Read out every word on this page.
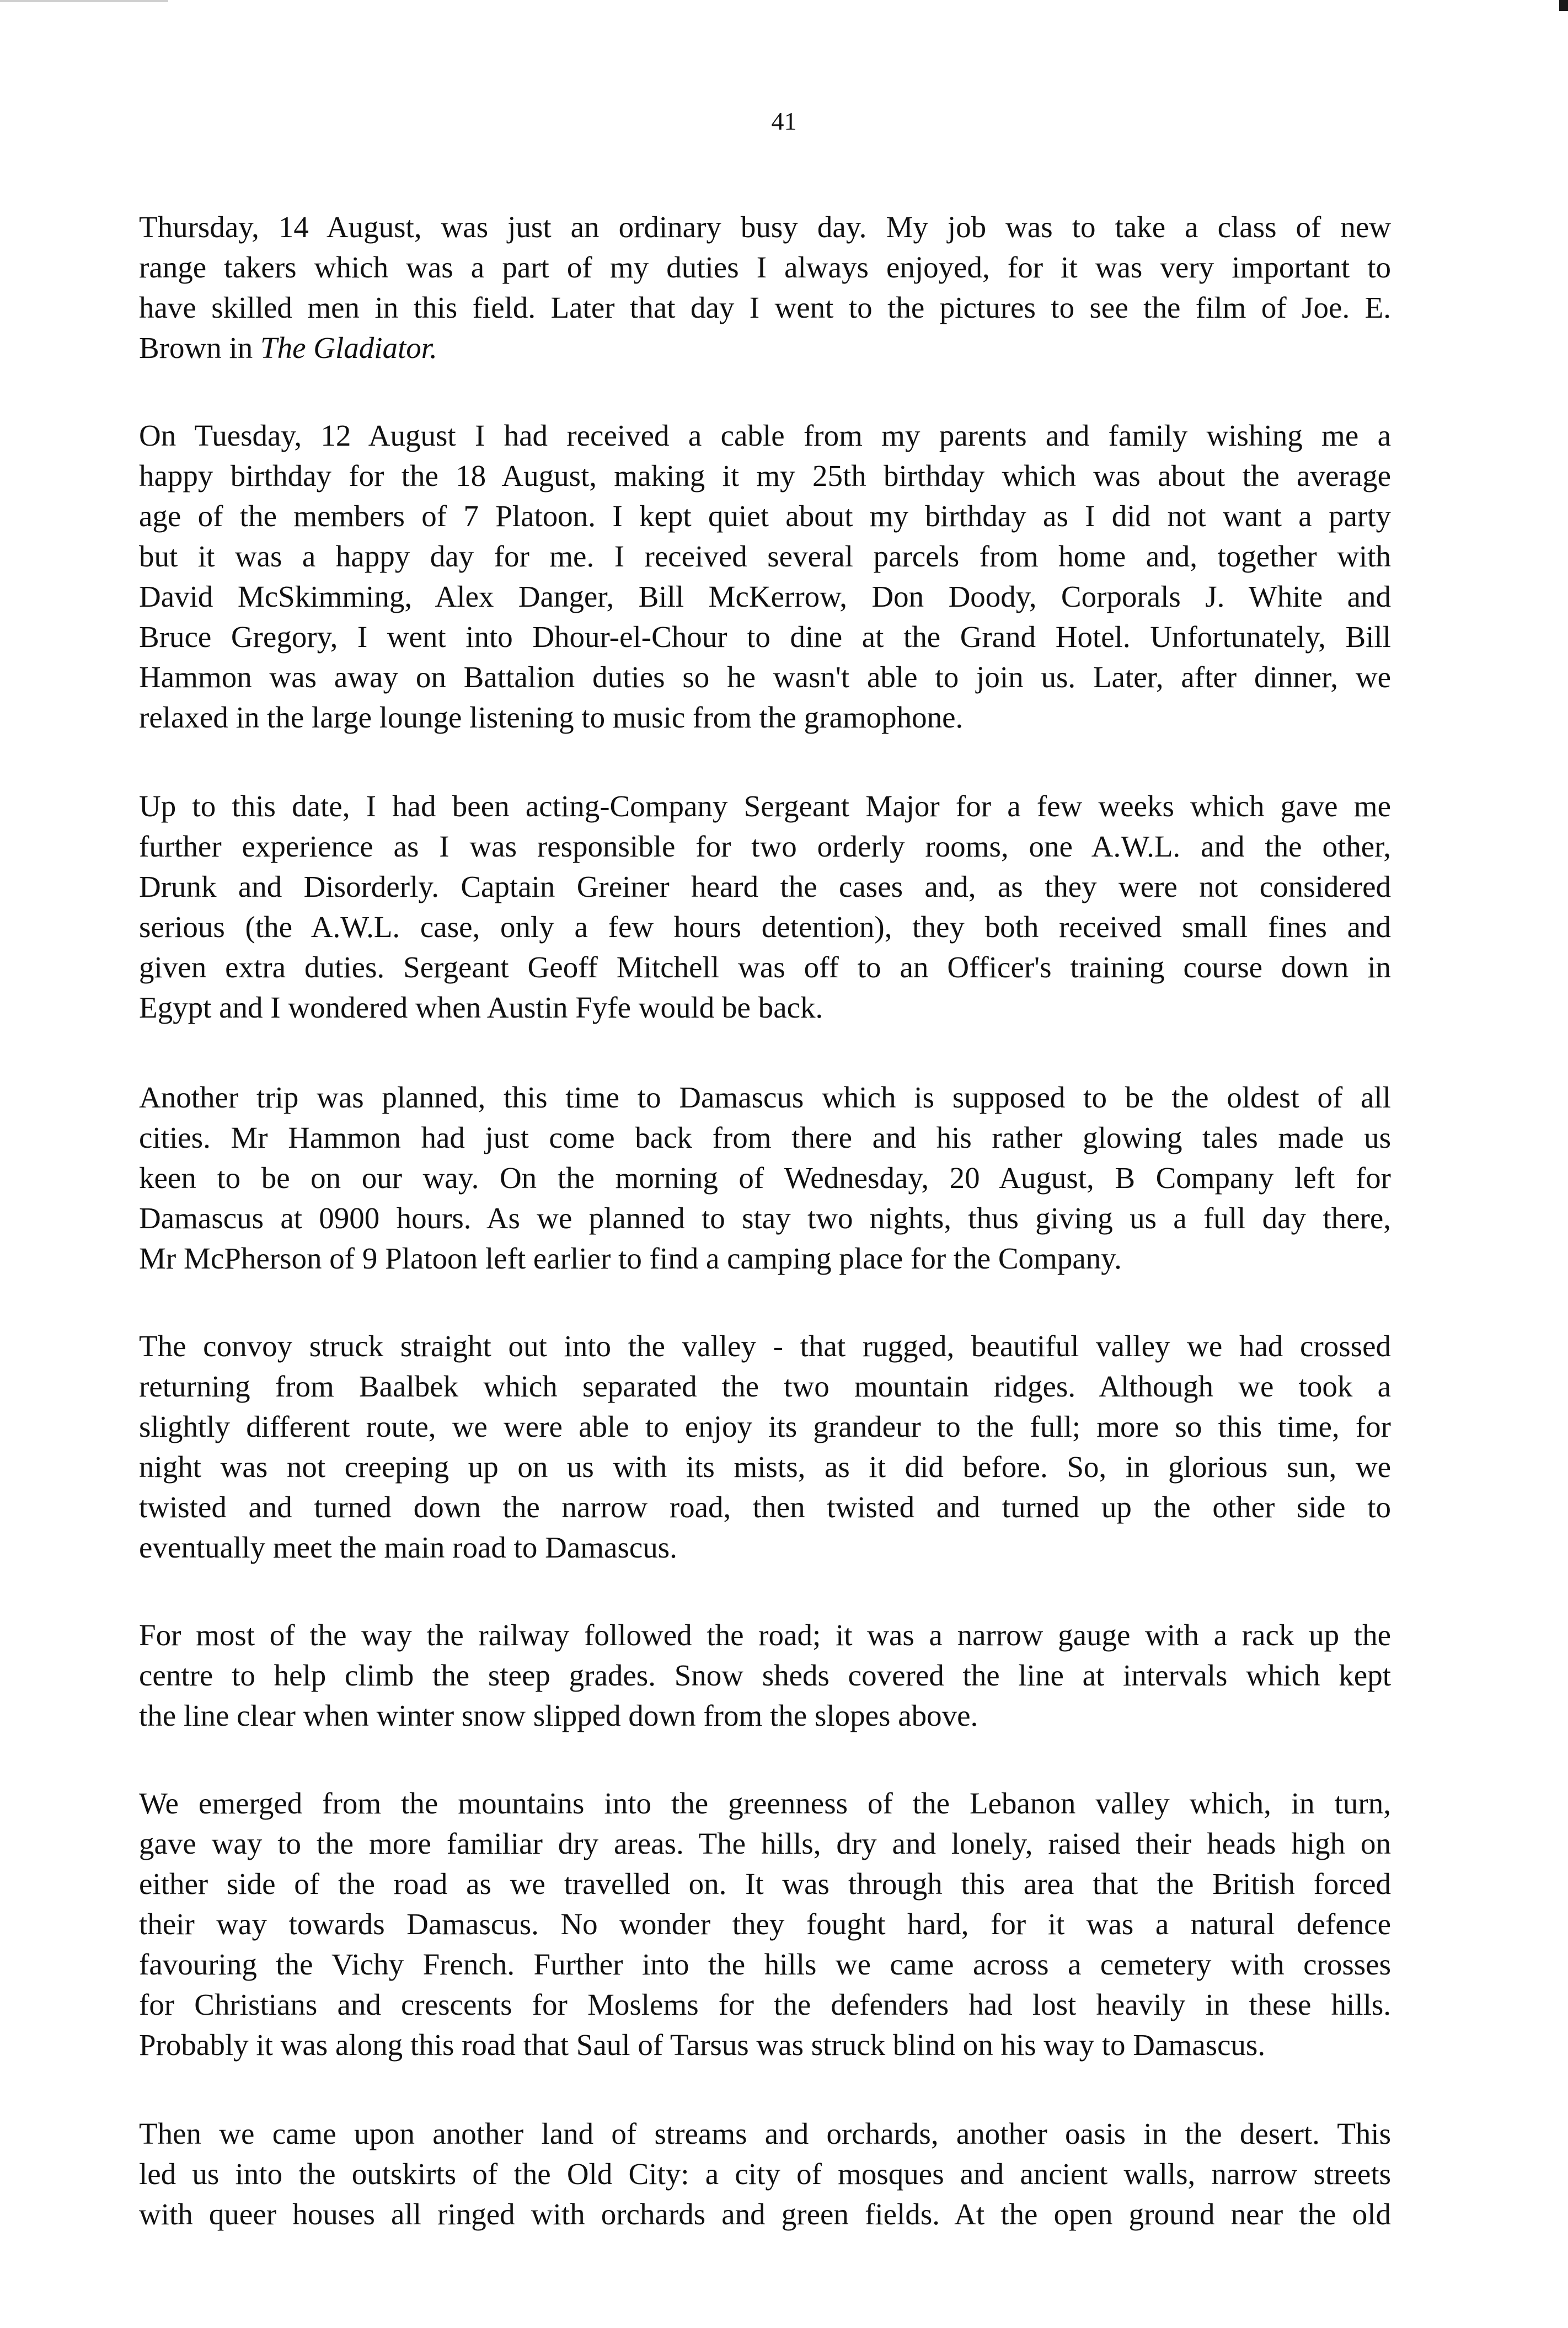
41

Thursday, 14 August, was just an ordinary busy day. My job was to take a class of new
range takers which was a part of my duties I always enjoyed, for it was very important to
have skilled men in this field. Later that day I went to the pictures to see the film of Joe. E.
Brown in The Gladiator.

On Tuesday, 12 August I had received a cable from my parents and family wishing me a
happy birthday for the 18 August, making it my 25th birthday which was about the average
age of the members of 7 Platoon. I kept quiet about my birthday as I did not want a party
but it was a happy day for me. I received several parcels from home and, together with
David McSkimming, Alex Danger, Bill McKerrow, Don Doody, Corporals J. White and
Bruce Gregory, I went into Dhour-el-Chour to dine at the Grand Hotel. Unfortunately, Bill
Hammon was away on Battalion duties so he wasn't able to join us. Later, after dinner, we
relaxed in the large lounge listening to music from the gramophone.

Up to this date, I had been acting-Company Sergeant Major for a few weeks which gave me
further experience as I was responsible for two orderly rooms, one A.W.L. and the other,
Drunk and Disorderly. Captain Greiner heard the cases and, as they were not considered
serious (the A.W.L. case, only a few hours detention), they both received small fines and
given extra duties. Sergeant Geoff Mitchell was off to an Officer's training course down in
Egypt and I wondered when Austin Fyfe would be back.

Another trip was planned, this time to Damascus which is supposed to be the oldest of all
cities. Mr Hammon had just come back from there and his rather glowing tales made us
keen to be on our way. On the morning of Wednesday, 20 August, B Company left for
Damascus at 0900 hours. As we planned to stay two nights, thus giving us a full day there,
Mr McPherson of 9 Platoon left earlier to find a camping place for the Company.

The convoy struck straight out into the valley - that rugged, beautiful valley we had crossed
returning from Baalbek which separated the two mountain ridges. Although we took a
slightly different route, we were able to enjoy its grandeur to the full; more so this time, for
night was not creeping up on us with its mists, as it did before. So, in glorious sun, we
twisted and turned down the narrow road, then twisted and turned up the other side to
eventually meet the main road to Damascus.

For most of the way the railway followed the road; it was a narrow gauge with a rack up the
centre to help climb the steep grades. Snow sheds covered the line at intervals which kept
the line clear when winter snow slipped down from the slopes above.

We emerged from the mountains into the greenness of the Lebanon valley which, in turn,
gave way to the more familiar dry areas. The hills, dry and lonely, raised their heads high on
either side of the road as we travelled on. It was through this area that the British forced
their way towards Damascus. No wonder they fought hard, for it was a natural defence
favouring the Vichy French. Further into the hills we came across a cemetery with crosses
for Christians and crescents for Moslems for the defenders had lost heavily in these hills.
Probably it was along this road that Saul of Tarsus was struck blind on his way to Damascus.

Then we came upon another land of streams and orchards, another oasis in the desert. This
led us into the outskirts of the Old City: a city of mosques and ancient walls, narrow streets
with queer houses all ringed with orchards and green fields. At the open ground near the old
